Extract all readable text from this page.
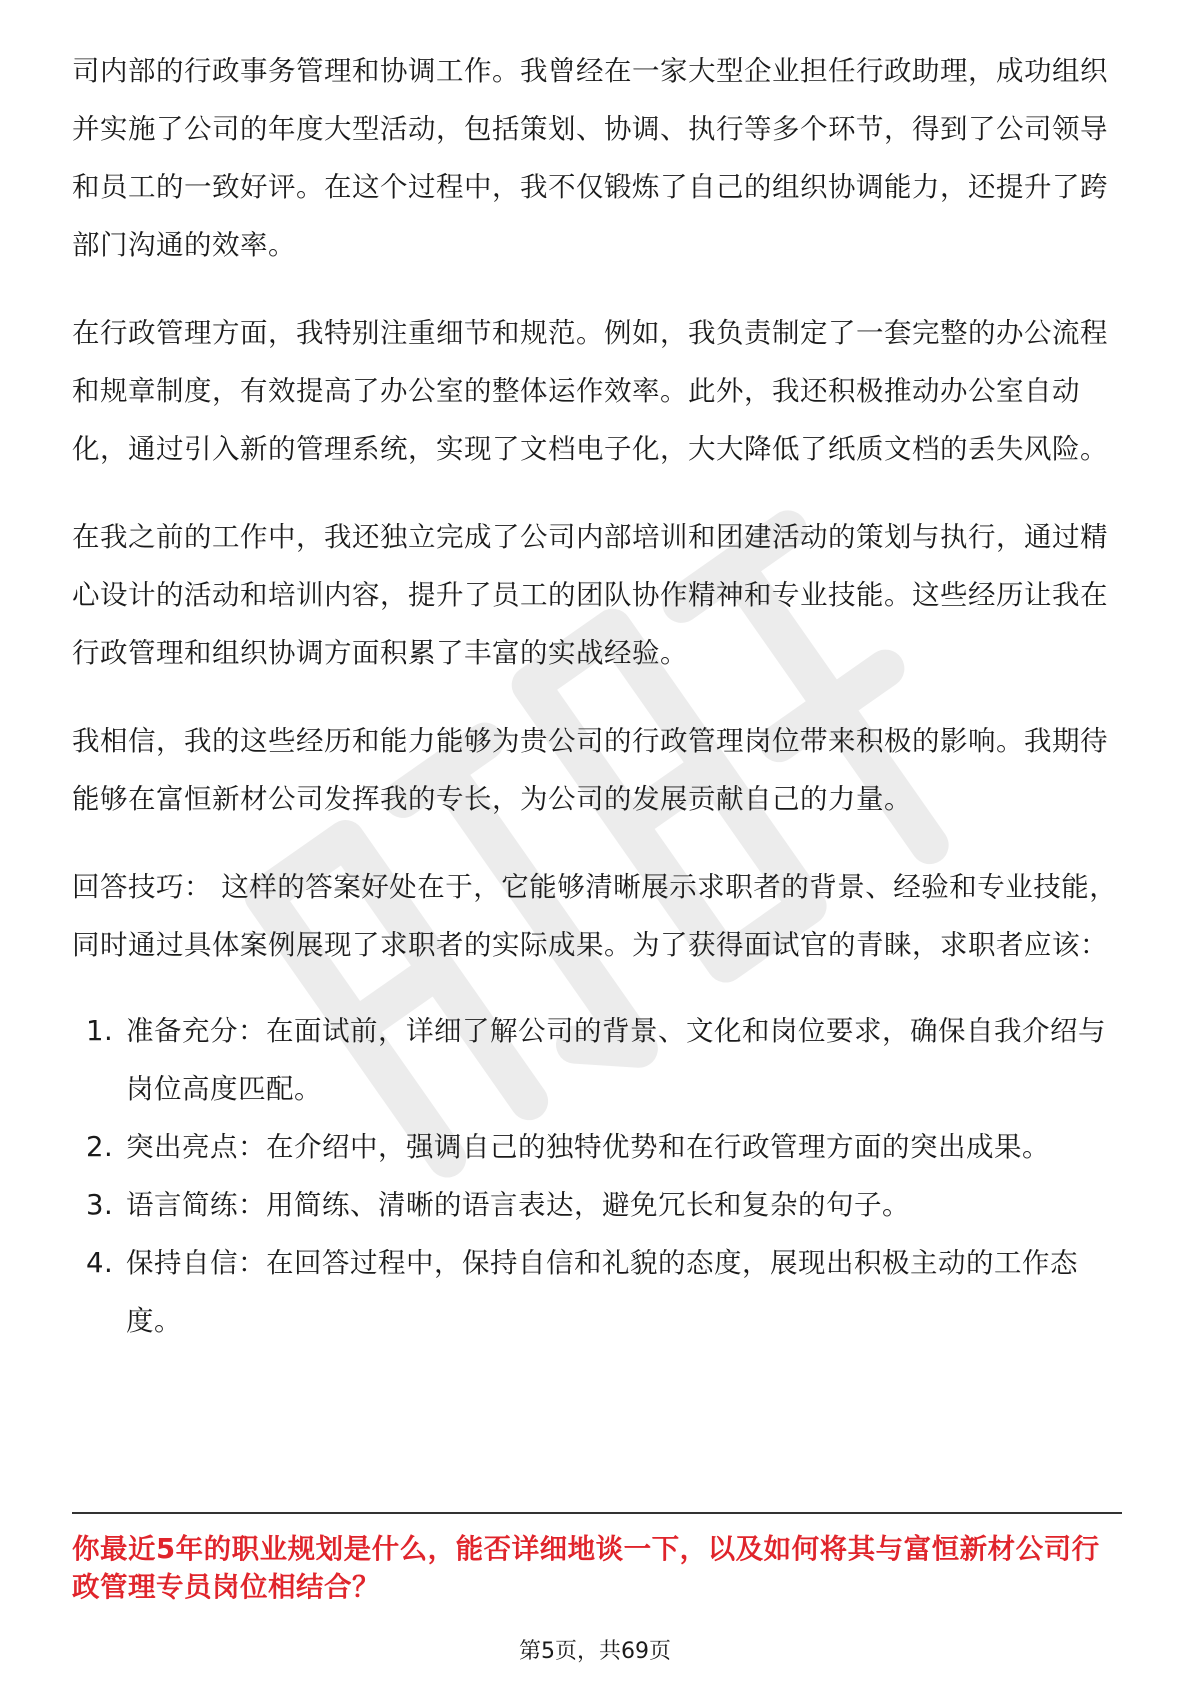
司内部的行政事务管理和协调工作。我曾经在一家大型企业担任行政助理，成功组织并实施了公司的年度大型活动，包括策划、协调、执行等多个环节，得到了公司领导和员工的一致好评。在这个过程中，我不仅锻炼了自己的组织协调能力，还提升了跨部门沟通的效率。

在行政管理方面，我特别注重细节和规范。例如，我负责制定了一套完整的办公流程和规章制度，有效提高了办公室的整体运作效率。此外，我还积极推动办公室自动化，通过引入新的管理系统，实现了文档电子化，大大降低了纸质文档的丢失风险。

在我之前的工作中，我还独立完成了公司内部培训和团建活动的策划与执行，通过精心设计的活动和培训内容，提升了员工的团队协作精神和专业技能。这些经历让我在行政管理和组织协调方面积累了丰富的实战经验。

我相信，我的这些经历和能力能够为贵公司的行政管理岗位带来积极的影响。我期待能够在富恒新材公司发挥我的专长，为公司的发展贡献自己的力量。

回答技巧： 这样的答案好处在于，它能够清晰展示求职者的背景、经验和专业技能，同时通过具体案例展现了求职者的实际成果。为了获得面试官的青睐，求职者应该：

1. 准备充分：在面试前，详细了解公司的背景、文化和岗位要求，确保自我介绍与岗位高度匹配。
2. 突出亮点：在介绍中，强调自己的独特优势和在行政管理方面的突出成果。
3. 语言简练：用简练、清晰的语言表达，避免冗长和复杂的句子。
4. 保持自信：在回答过程中，保持自信和礼貌的态度，展现出积极主动的工作态度。
你最近5年的职业规划是什么，能否详细地谈一下，以及如何将其与富恒新材公司行政管理专员岗位相结合？
第5页，共69页
